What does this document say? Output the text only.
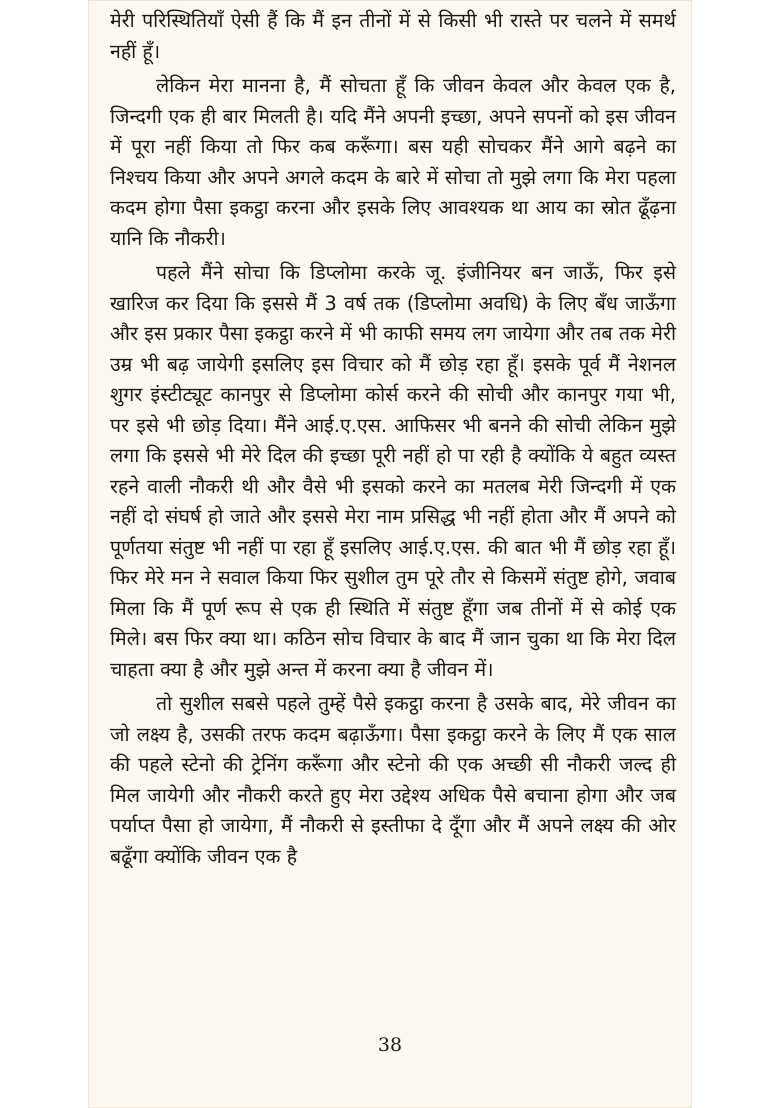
मेरी परिस्थितियाँ ऐसी हैं कि मैं इन तीनों में से किसी भी रास्ते पर चलने में समर्थ नहीं हूँ।

लेकिन मेरा मानना है, मैं सोचता हूँ कि जीवन केवल और केवल एक है, जिन्दगी एक ही बार मिलती है। यदि मैंने अपनी इच्छा, अपने सपनों को इस जीवन में पूरा नहीं किया तो फिर कब करूँगा। बस यही सोचकर मैंने आगे बढ़ने का निश्चय किया और अपने अगले कदम के बारे में सोचा तो मुझे लगा कि मेरा पहला कदम होगा पैसा इकट्ठा करना और इसके लिए आवश्यक था आय का स्रोत ढूँढ़ना यानि कि नौकरी।

पहले मैंने सोचा कि डिप्लोमा करके जू. इंजीनियर बन जाऊँ, फिर इसे खारिज कर दिया कि इससे मैं 3 वर्ष तक (डिप्लोमा अवधि) के लिए बँध जाऊँगा और इस प्रकार पैसा इकट्ठा करने में भी काफी समय लग जायेगा और तब तक मेरी उम्र भी बढ़ जायेगी इसलिए इस विचार को मैं छोड़ रहा हूँ। इसके पूर्व मैं नेशनल शुगर इंस्टीट्यूट कानपुर से डिप्लोमा कोर्स करने की सोची और कानपुर गया भी, पर इसे भी छोड़ दिया। मैंने आई.ए.एस. आफिसर भी बनने की सोची लेकिन मुझे लगा कि इससे भी मेरे दिल की इच्छा पूरी नहीं हो पा रही है क्योंकि ये बहुत व्यस्त रहने वाली नौकरी थी और वैसे भी इसको करने का मतलब मेरी जिन्दगी में एक नहीं दो संघर्ष हो जाते और इससे मेरा नाम प्रसिद्ध भी नहीं होता और मैं अपने को पूर्णतया संतुष्ट भी नहीं पा रहा हूँ इसलिए आई.ए.एस. की बात भी मैं छोड़ रहा हूँ। फिर मेरे मन ने सवाल किया फिर सुशील तुम पूरे तौर से किसमें संतुष्ट होगे, जवाब मिला कि मैं पूर्ण रूप से एक ही स्थिति में संतुष्ट हूँगा जब तीनों में से कोई एक मिले। बस फिर क्या था। कठिन सोच विचार के बाद मैं जान चुका था कि मेरा दिल चाहता क्या है और मुझे अन्त में करना क्या है जीवन में।

तो सुशील सबसे पहले तुम्हें पैसे इकट्ठा करना है उसके बाद, मेरे जीवन का जो लक्ष्य है, उसकी तरफ कदम बढ़ाऊँगा। पैसा इकट्ठा करने के लिए मैं एक साल की पहले स्टेनो की ट्रेनिंग करूँगा और स्टेनो की एक अच्छी सी नौकरी जल्द ही मिल जायेगी और नौकरी करते हुए मेरा उद्देश्य अधिक पैसे बचाना होगा और जब पर्याप्त पैसा हो जायेगा, मैं नौकरी से इस्तीफा दे दूँगा और मैं अपने लक्ष्य की ओर बढूँगा क्योंकि जीवन एक है

38
